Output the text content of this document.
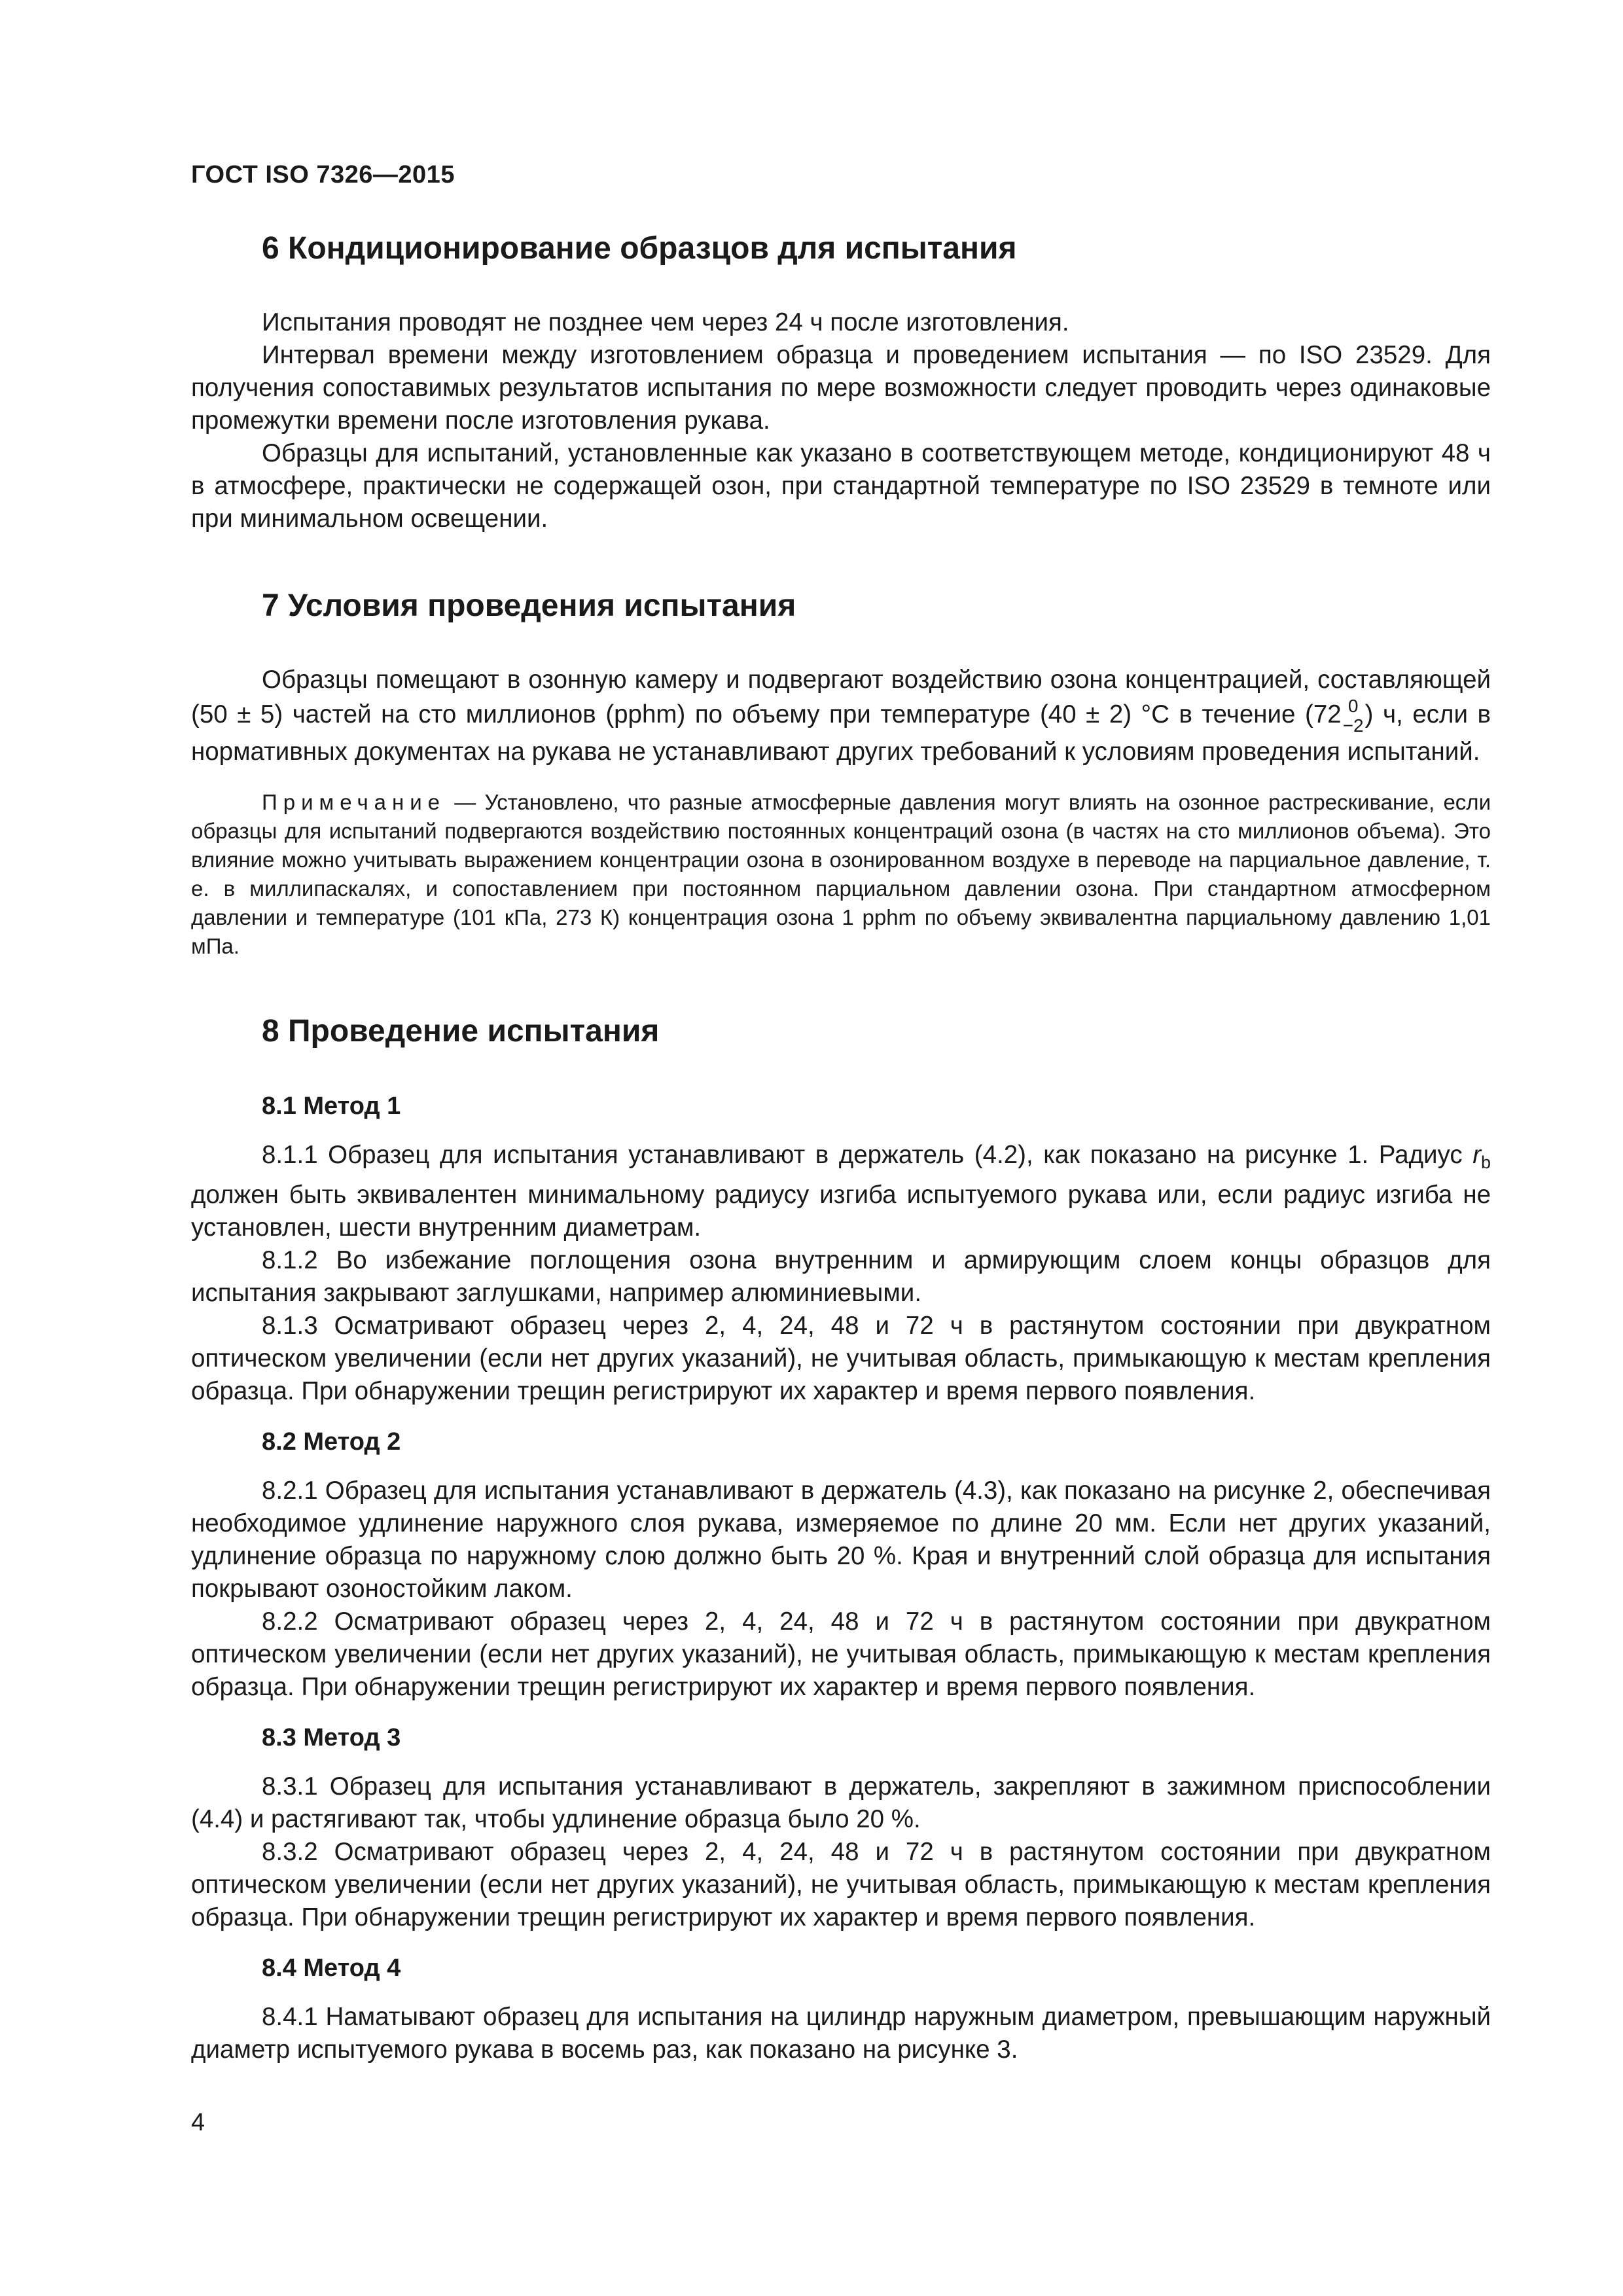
ГОСТ ISO 7326—2015
6 Кондиционирование образцов для испытания

Испытания проводят не позднее чем через 24 ч после изготовления.

Интервал времени между изготовлением образца и проведением испытания — по ISO 23529. Для получения сопоставимых результатов испытания по мере возможности следует проводить через одинаковые промежутки времени после изготовления рукава.

Образцы для испытаний, установленные как указано в соответствующем методе, кондиционируют 48 ч в атмосфере, практически не содержащей озон, при стандартной температуре по ISO 23529 в темноте или при минимальном освещении.

7 Условия проведения испытания

Образцы помещают в озонную камеру и подвергают воздействию озона концентрацией, составляющей (50 ± 5) частей на сто миллионов (pphm) по объему при температуре (40 ± 2) °C в течение (72 0
−2 ) ч, если в нормативных документах на рукава не устанавливают других требований к условиям проведения испытаний.

Примечание — Установлено, что разные атмосферные давления могут влиять на озонное растрескивание, если образцы для испытаний подвергаются воздействию постоянных концентраций озона (в частях на сто миллионов объема). Это влияние можно учитывать выражением концентрации озона в озонированном воздухе в переводе на парциальное давление, т. е. в миллипаскалях, и сопоставлением при постоянном парциальном давлении озона. При стандартном атмосферном давлении и температуре (101 кПа, 273 К) концентрация озона 1 pphm по объему эквивалентна парциальному давлению 1,01 мПа.

8 Проведение испытания
8.1 Метод 1

8.1.1 Образец для испытания устанавливают в держатель (4.2), как показано на рисунке 1. Радиус $r_b$ должен быть эквивалентен минимальному радиусу изгиба испытуемого рукава или, если радиус изгиба не установлен, шести внутренним диаметрам.

8.1.2 Во избежание поглощения озона внутренним и армирующим слоем концы образцов для испытания закрывают заглушками, например алюминиевыми.

8.1.3 Осматривают образец через 2, 4, 24, 48 и 72 ч в растянутом состоянии при двукратном оптическом увеличении (если нет других указаний), не учитывая область, примыкающую к местам крепления образца. При обнаружении трещин регистрируют их характер и время первого появления.

8.2 Метод 2

8.2.1 Образец для испытания устанавливают в держатель (4.3), как показано на рисунке 2, обеспечивая необходимое удлинение наружного слоя рукава, измеряемое по длине 20 мм. Если нет других указаний, удлинение образца по наружному слою должно быть 20 %. Края и внутренний слой образца для испытания покрывают озоностойким лаком.

8.2.2 Осматривают образец через 2, 4, 24, 48 и 72 ч в растянутом состоянии при двукратном оптическом увеличении (если нет других указаний), не учитывая область, примыкающую к местам крепления образца. При обнаружении трещин регистрируют их характер и время первого появления.

8.3 Метод 3

8.3.1 Образец для испытания устанавливают в держатель, закрепляют в зажимном приспособлении (4.4) и растягивают так, чтобы удлинение образца было 20 %.

8.3.2 Осматривают образец через 2, 4, 24, 48 и 72 ч в растянутом состоянии при двукратном оптическом увеличении (если нет других указаний), не учитывая область, примыкающую к местам крепления образца. При обнаружении трещин регистрируют их характер и время первого появления.

8.4 Метод 4

8.4.1 Наматывают образец для испытания на цилиндр наружным диаметром, превышающим наружный диаметр испытуемого рукава в восемь раз, как показано на рисунке 3.

4
